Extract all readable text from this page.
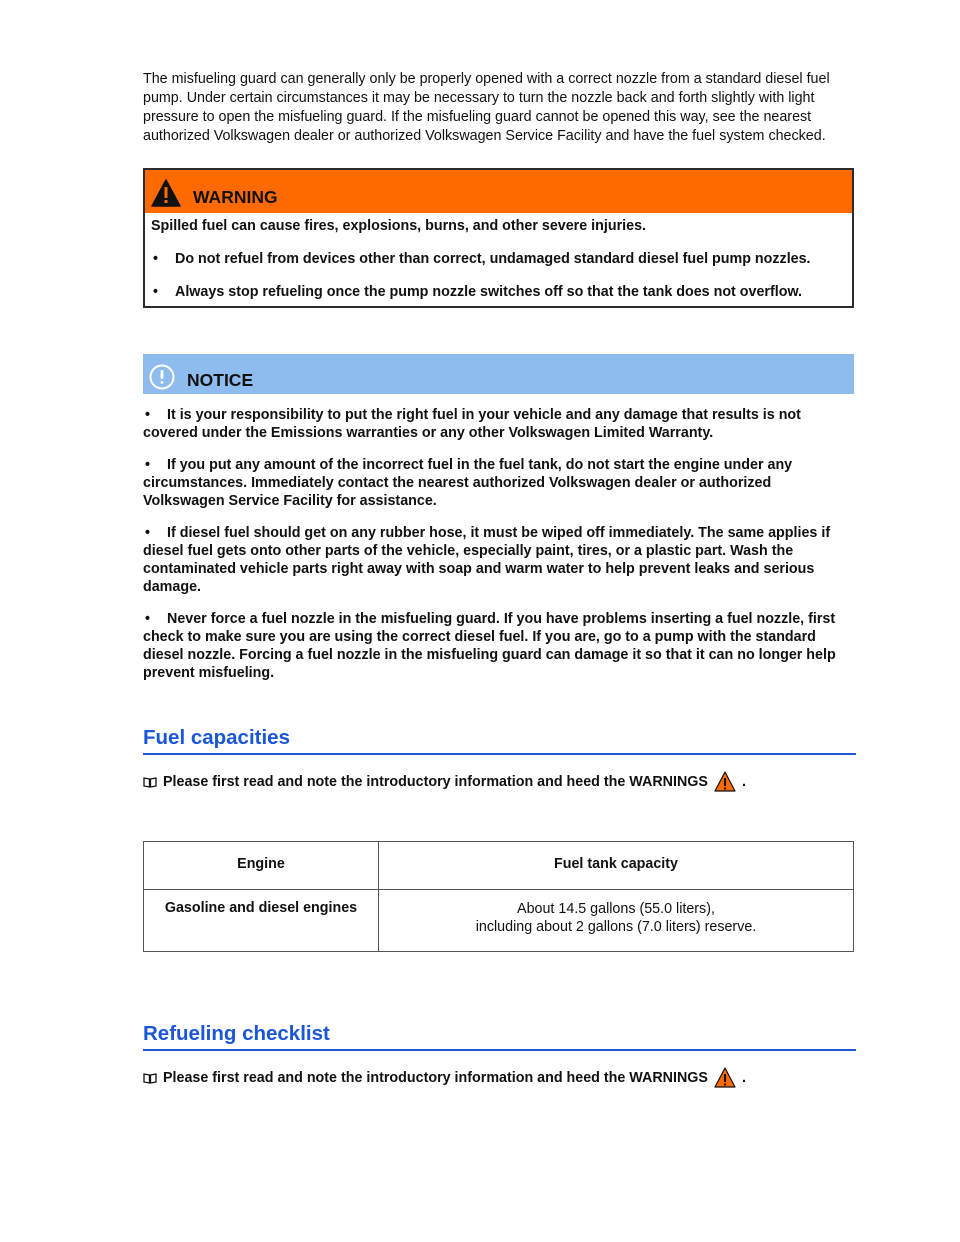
The misfueling guard can generally only be properly opened with a correct nozzle from a standard diesel fuel pump. Under certain circumstances it may be necessary to turn the nozzle back and forth slightly with light pressure to open the misfueling guard. If the misfueling guard cannot be opened this way, see the nearest authorized Volkswagen dealer or authorized Volkswagen Service Facility and have the fuel system checked.

WARNING

Spilled fuel can cause fires, explosions, burns, and other severe injuries.

• Do not refuel from devices other than correct, undamaged standard diesel fuel pump nozzles.

• Always stop refueling once the pump nozzle switches off so that the tank does not overflow.

NOTICE

• It is your responsibility to put the right fuel in your vehicle and any damage that results is not covered under the Emissions warranties or any other Volkswagen Limited Warranty.

• If you put any amount of the incorrect fuel in the fuel tank, do not start the engine under any circumstances. Immediately contact the nearest authorized Volkswagen dealer or authorized Volkswagen Service Facility for assistance.

• If diesel fuel should get on any rubber hose, it must be wiped off immediately. The same applies if diesel fuel gets onto other parts of the vehicle, especially paint, tires, or a plastic part. Wash the contaminated vehicle parts right away with soap and warm water to help prevent leaks and serious damage.

• Never force a fuel nozzle in the misfueling guard. If you have problems inserting a fuel nozzle, first check to make sure you are using the correct diesel fuel. If you are, go to a pump with the standard diesel nozzle. Forcing a fuel nozzle in the misfueling guard can damage it so that it can no longer help prevent misfueling.

Fuel capacities
Please first read and note the introductory information and heed the WARNINGS .
Engine	Fuel tank capacity
Gasoline and diesel engines	About 14.5 gallons (55.0 liters),
including about 2 gallons (7.0 liters) reserve.
Refueling checklist
Please first read and note the introductory information and heed the WARNINGS .
